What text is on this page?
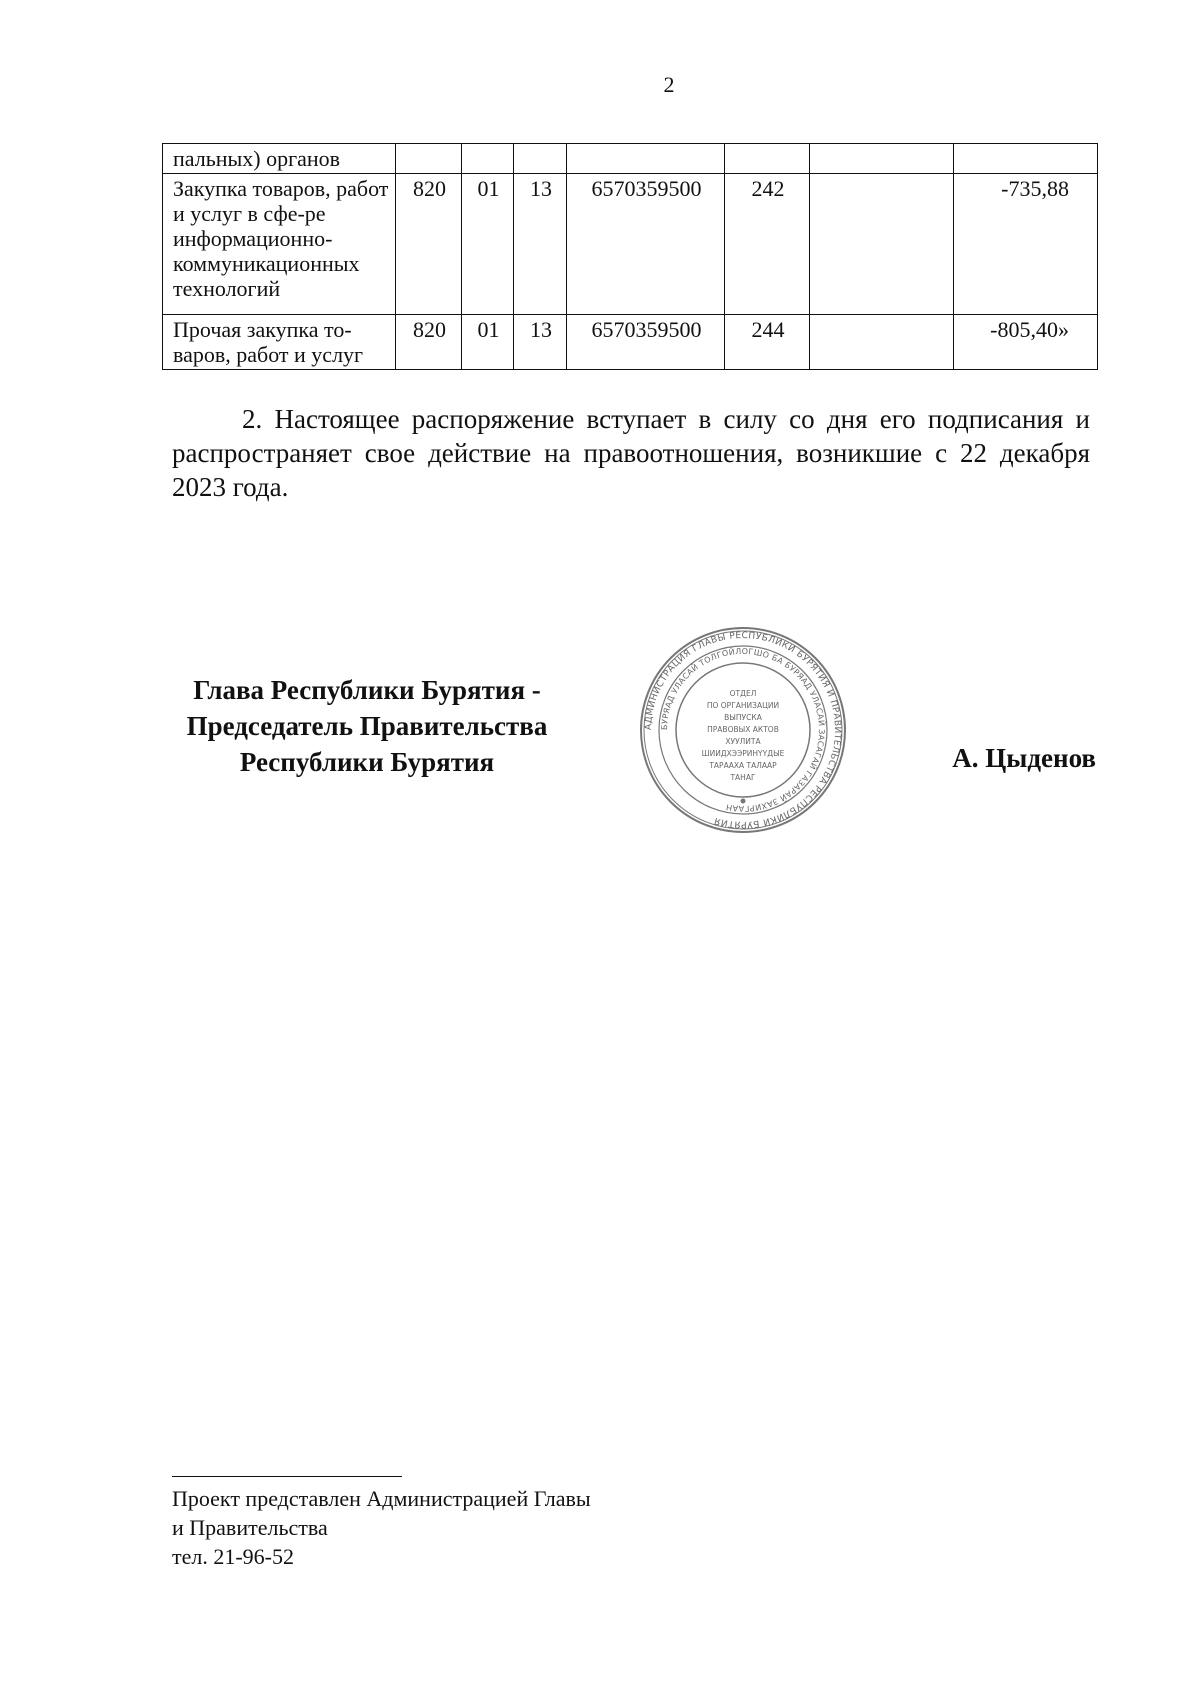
2
пальных) органов							
Закупка товаров, работ и услуг в сфе-ре информационно-коммуникационных технологий	820	01	13	6570359500	242		-735,88
Прочая закупка то-варов, работ и услуг	820	01	13	6570359500	244		-805,40»
2. Настоящее распоряжение вступает в силу со дня его подписания и распространяет свое действие на правоотношения, возникшие с 22 декабря 2023 года.
Глава Республики Бурятия -
Председатель Правительства
Республики Бурятия
АДМИНИСТРАЦИЯ ГЛАВЫ РЕСПУБЛИКИ БУРЯТИЯ И ПРАВИТЕЛЬСТВА РЕСПУБЛИКИ БУРЯТИЯ
БУРЯАД УЛАСАЙ ТОЛГОЙЛОГШО БА БУРЯАД УЛАСАЙ ЗАСАГАЙ ГАЗАРАЙ ЗАХИРГААН
ОТДЕЛ
ПО ОРГАНИЗАЦИИ
ВЫПУСКА
ПРАВОВЫХ АКТОВ
ХУУЛИТА
ШИИДХЭЭРИНҮҮДЫЕ
ТАРААХА ТАЛААР
ТАНАГ
А. Цыденов
Проект представлен Администрацией Главы
и Правительства
тел. 21-96-52
